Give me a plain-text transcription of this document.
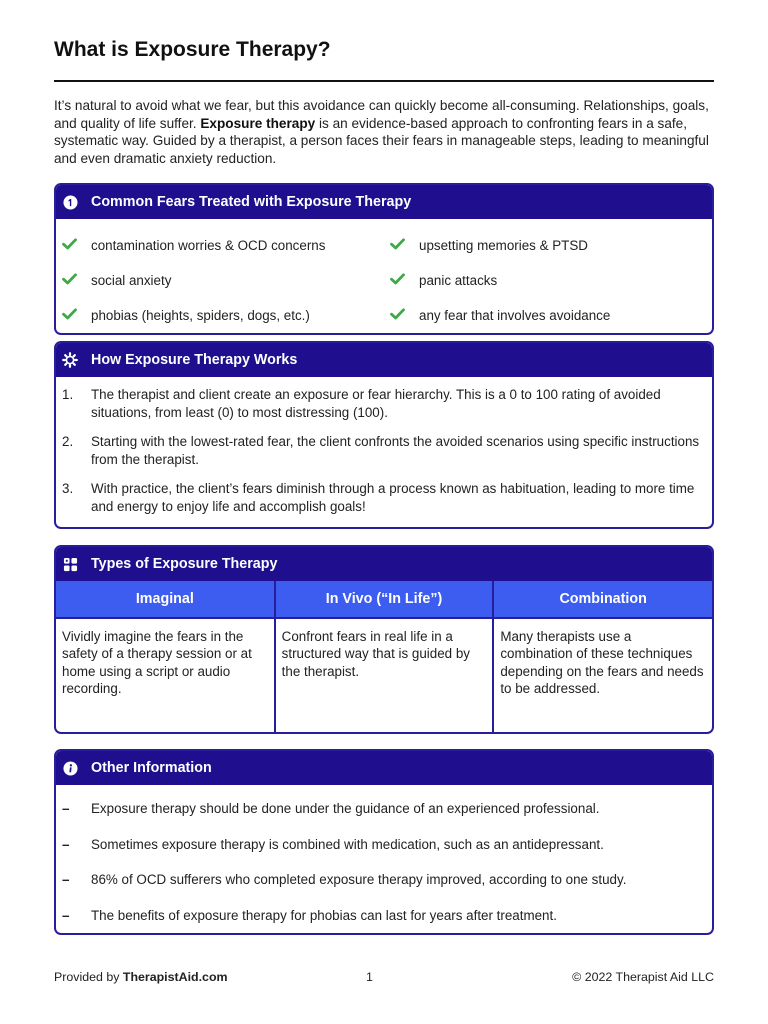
What is Exposure Therapy?

It’s natural to avoid what we fear, but this avoidance can quickly become all-consuming. Relationships, goals, and quality of life suffer. Exposure therapy is an evidence-based approach to confronting fears in a safe, systematic way. Guided by a therapist, a person faces their fears in manageable steps, leading to meaningful and even dramatic anxiety reduction.

Common Fears Treated with Exposure Therapy
contamination worries & OCD concerns	upsetting memories & PTSD
social anxiety	panic attacks
phobias (heights, spiders, dogs, etc.)	any fear that involves avoidance
How Exposure Therapy Works
1.	The therapist and client create an exposure or fear hierarchy. This is a 0 to 100 rating of avoided situations, from least (0) to most distressing (100).
2.	Starting with the lowest-rated fear, the client confronts the avoided scenarios using specific instructions from the therapist.
3.	With practice, the client’s fears diminish through a process known as habituation, leading to more time and energy to enjoy life and accomplish goals!
Types of Exposure Therapy
Imaginal	In Vivo (“In Life”)	Combination
Vividly imagine the fears in the safety of a therapy session or at home using a script or audio recording.	Confront fears in real life in a structured way that is guided by the therapist.	Many therapists use a combination of these techniques depending on the fears and needs to be addressed.
Other Information
–	Exposure therapy should be done under the guidance of an experienced professional.
–	Sometimes exposure therapy is combined with medication, such as an antidepressant.
–	86% of OCD sufferers who completed exposure therapy improved, according to one study.
–	The benefits of exposure therapy for phobias can last for years after treatment.
Provided by TherapistAid.com	1	© 2022 Therapist Aid LLC
